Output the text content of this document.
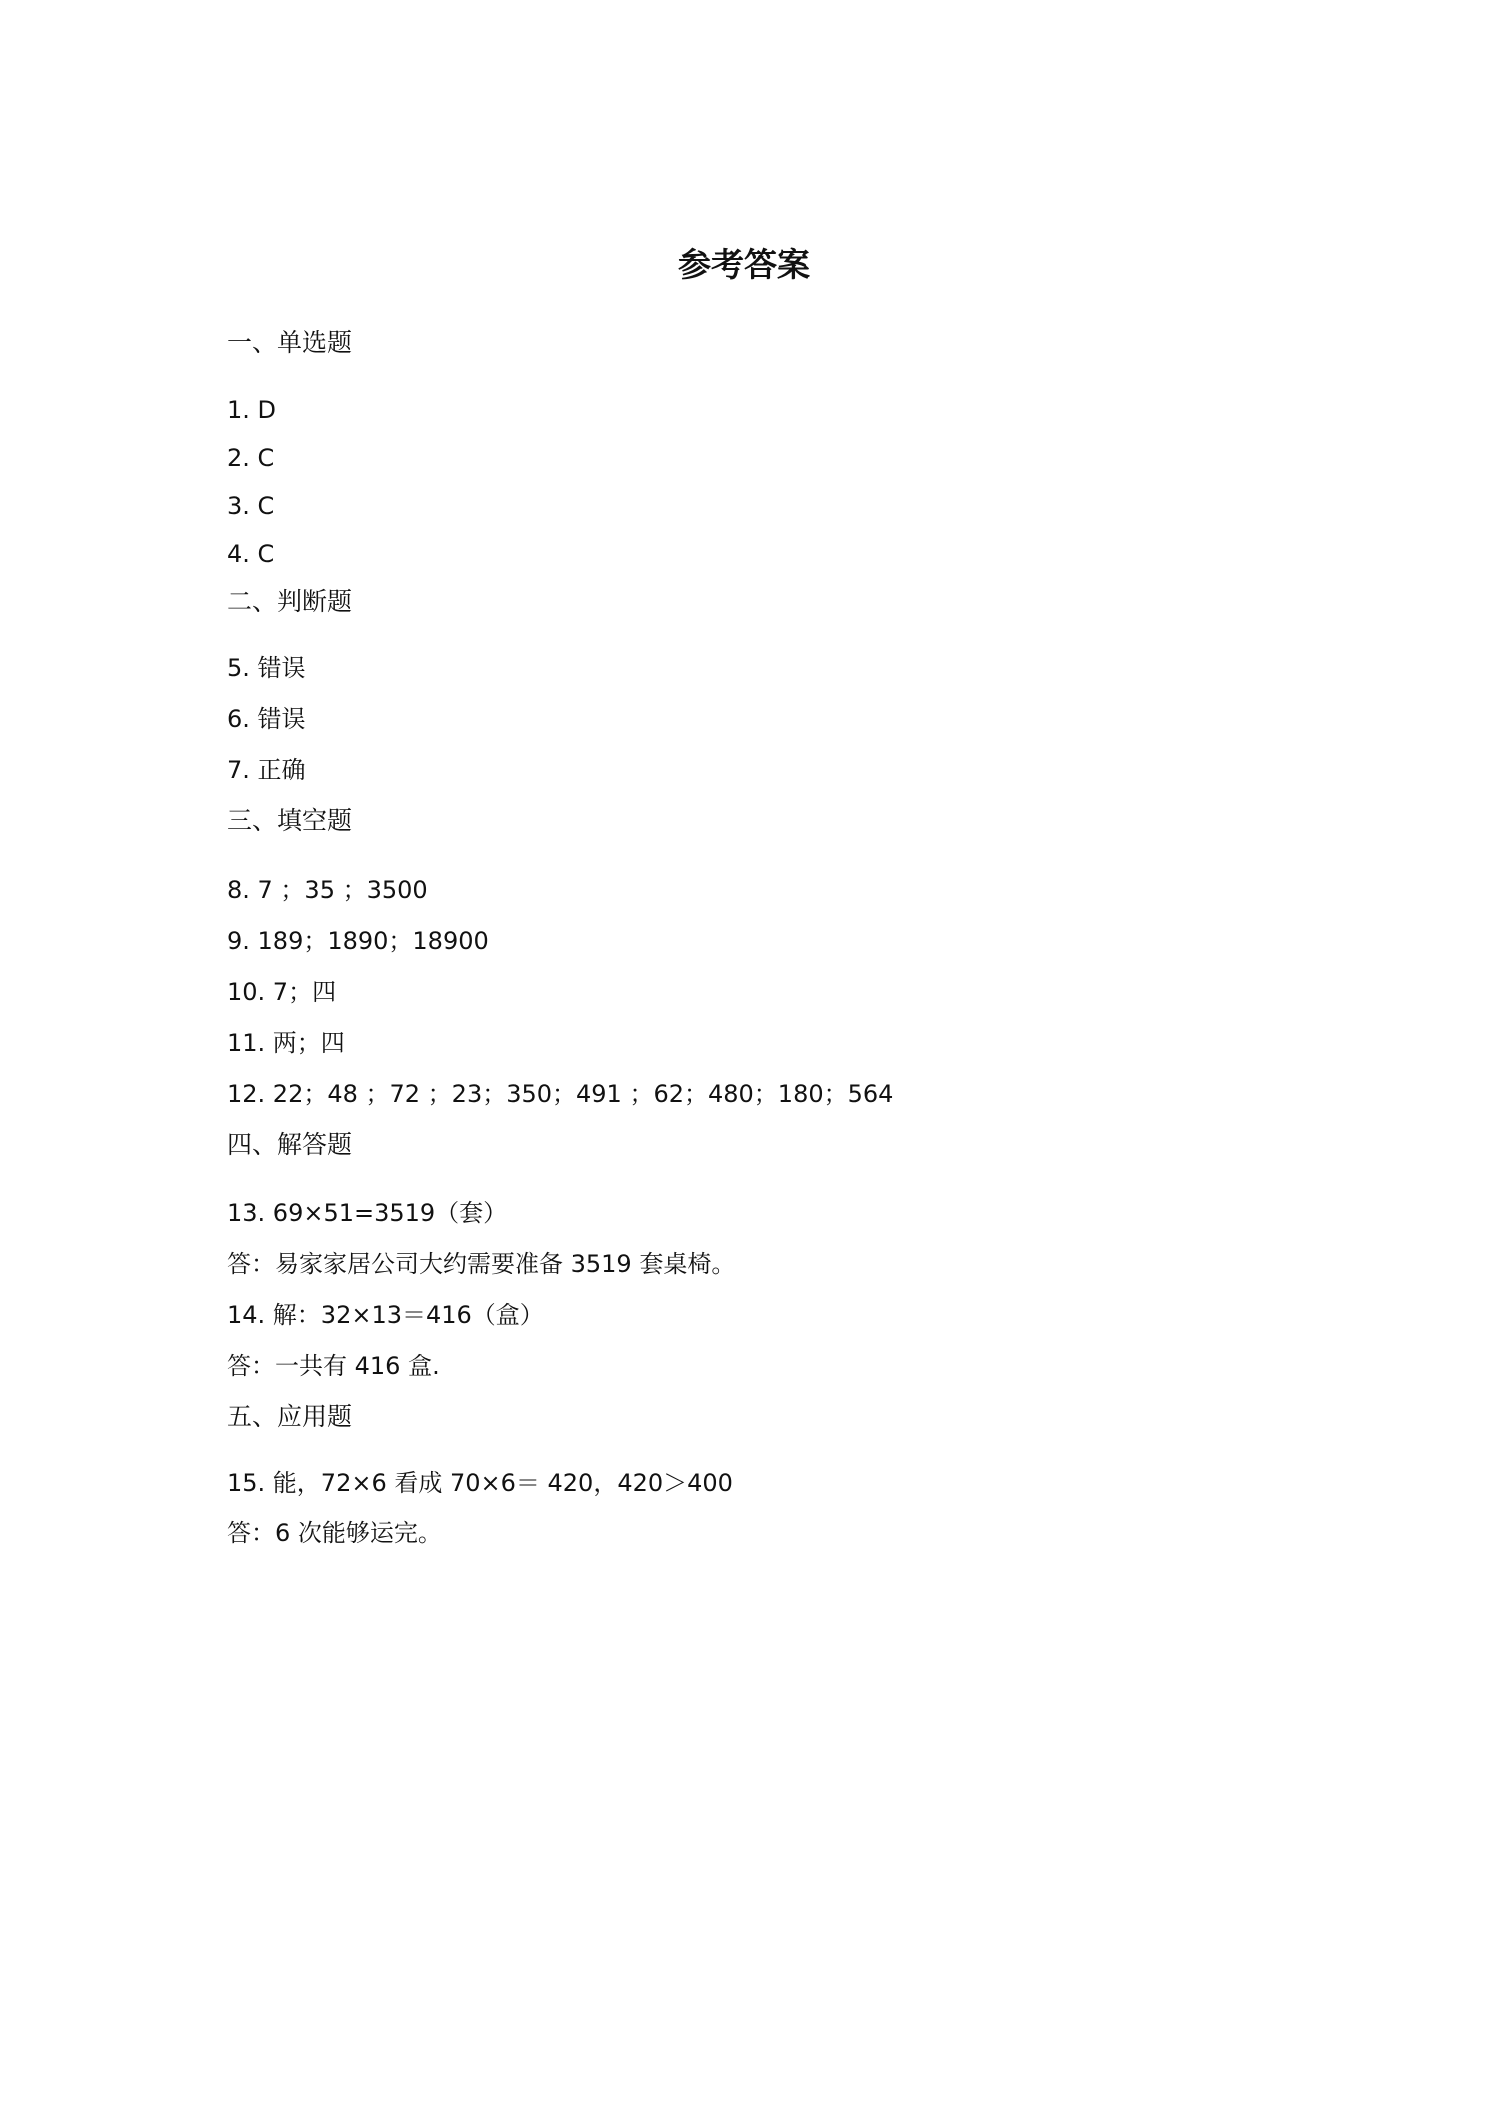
参考答案
一、单选题
1. D
2. C
3. C
4. C
二、判断题
5. 错误
6. 错误
7. 正确
三、填空题
8. 7 ；35 ；3500
9. 189；1890；18900
10. 7；四
11. 两；四
12. 22；48 ；72 ；23；350；491 ；62；480；180；564
四、解答题
13. 69×51=3519（套）
答：易家家居公司大约需要准备 3519 套桌椅。
14. 解：32×13＝416（盒）
答：一共有 416 盒.
五、应用题
15. 能，72×6 看成 70×6＝ 420，420＞400
答：6 次能够运完。
